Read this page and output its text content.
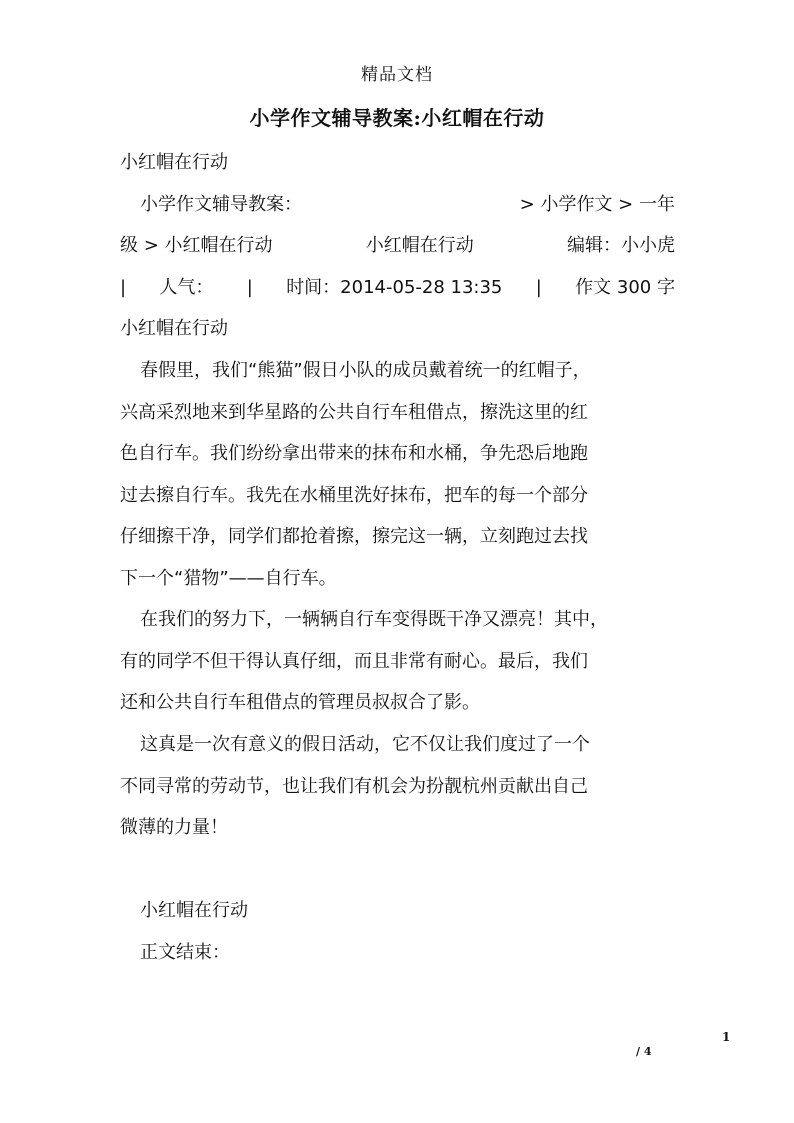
精品文档
小学作文辅导教案:小红帽在行动
小红帽在行动
小学作文辅导教案：	> 小学作文 > 一年
级 > 小红帽在行动	小红帽在行动	编辑：小小虎
| 人气： | 时间：2014-05-28 13:35 | 作文 300 字
小红帽在行动
春假里，我们“熊猫”假日小队的成员戴着统一的红帽子，
兴高采烈地来到华星路的公共自行车租借点，擦洗这里的红
色自行车。我们纷纷拿出带来的抹布和水桶，争先恐后地跑
过去擦自行车。我先在水桶里洗好抹布，把车的每一个部分
仔细擦干净，同学们都抢着擦，擦完这一辆，立刻跑过去找
下一个“猎物”——自行车。
在我们的努力下，一辆辆自行车变得既干净又漂亮！其中，
有的同学不但干得认真仔细，而且非常有耐心。最后，我们
还和公共自行车租借点的管理员叔叔合了影。
这真是一次有意义的假日活动，它不仅让我们度过了一个
不同寻常的劳动节，也让我们有机会为扮靓杭州贡献出自己
微薄的力量！
小红帽在行动
正文结束：
1
/ 4
